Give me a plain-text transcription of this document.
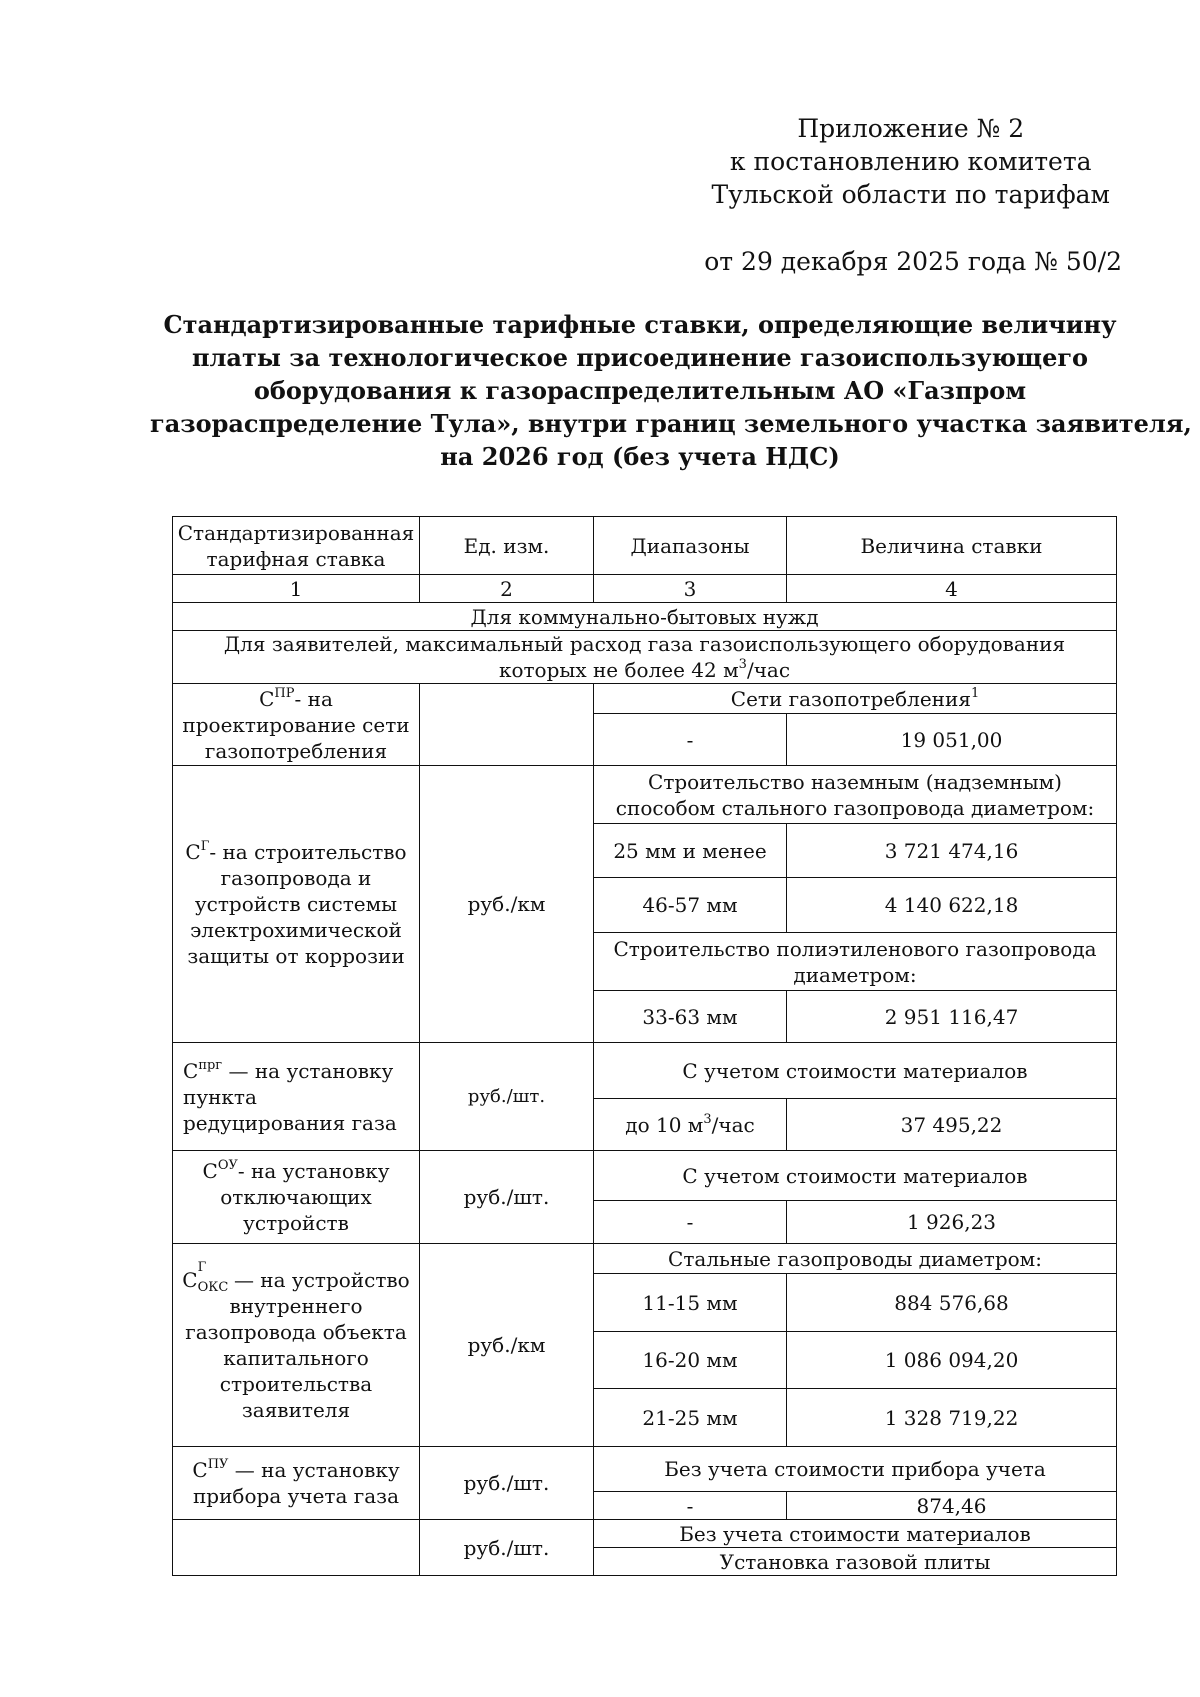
Приложение № 2
к постановлению комитета
Тульской области по тарифам
от 29 декабря 2025 года № 50/2
Стандартизированные тарифные ставки, определяющие величину
платы за технологическое присоединение газоиспользующего
оборудования к газораспределительным АО «Газпром
газораспределение Тула», внутри границ земельного участка заявителя,
на 2026 год (без учета НДС)
Стандартизированная тарифная ставка	Ед. изм.	Диапазоны	Величина ставки
1	2	3	4
Для коммунально-бытовых нужд			
Для заявителей, максимальный расход газа газоиспользующего оборудования которых не более 42 $м^3$/час			
$С^{ПР}-$ на проектирование сети газопотребления		Сети газопотребления$^1$
		-	19 051,00
$С^Г-$ на строительство газопровода и устройств системы электрохимической защиты от коррозии	руб./км	Строительство наземным (надземным) способом стального газопровода диаметром:	
		25 мм и менее	3 721 474,16
		46-57 мм	4 140 622,18
		Строительство полиэтиленового газопровода диаметром:	
		33-63 мм	2 951 116,47

$С^{прг}$ — на установку пункта редуцирования газа	руб./шт.	С учетом стоимости материалов	
		до 10 $м^3$/час	37 495,22
$С^{ОУ}-$ на установку отключающих устройств	руб./шт.	С учетом стоимости материалов	
		-	1 926,23
С
Г
ОКС — на устройство внутреннего газопровода объекта капитального строительства заявителя	руб./км	Стальные газопроводы диаметром:	
		11-15 мм	884 576,68
		16-20 мм	1 086 094,20
		21-25 мм	1 328 719,22
$С^{ПУ}$ — на установку прибора учета газа	руб./шт.	Без учета стоимости прибора учета	
		-	874,46
	руб./шт.	Без учета стоимости материалов	
		Установка газовой плиты	
